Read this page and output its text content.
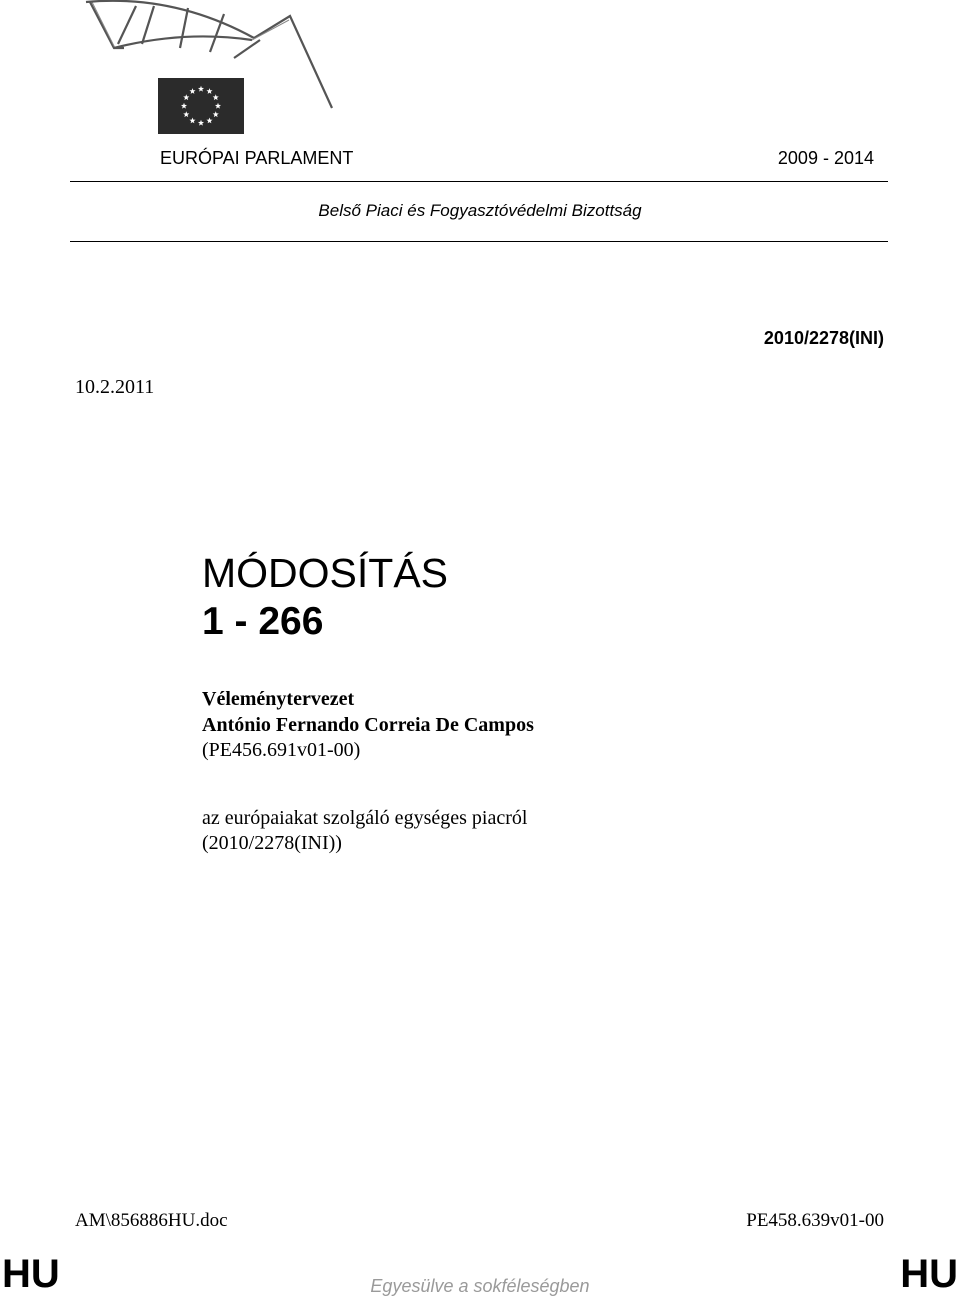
EURÓPAI PARLAMENT	2009 - 2014
Belső Piaci és Fogyasztóvédelmi Bizottság
2010/2278(INI)
10.2.2011
MÓDOSÍTÁS
1 - 266
Véleménytervezet
António Fernando Correia De Campos
(PE456.691v01-00)
az európaiakat szolgáló egységes piacról
(2010/2278(INI))
AM\856886HU.doc	PE458.639v01-00
HU	Egyesülve a sokféleségben	HU
